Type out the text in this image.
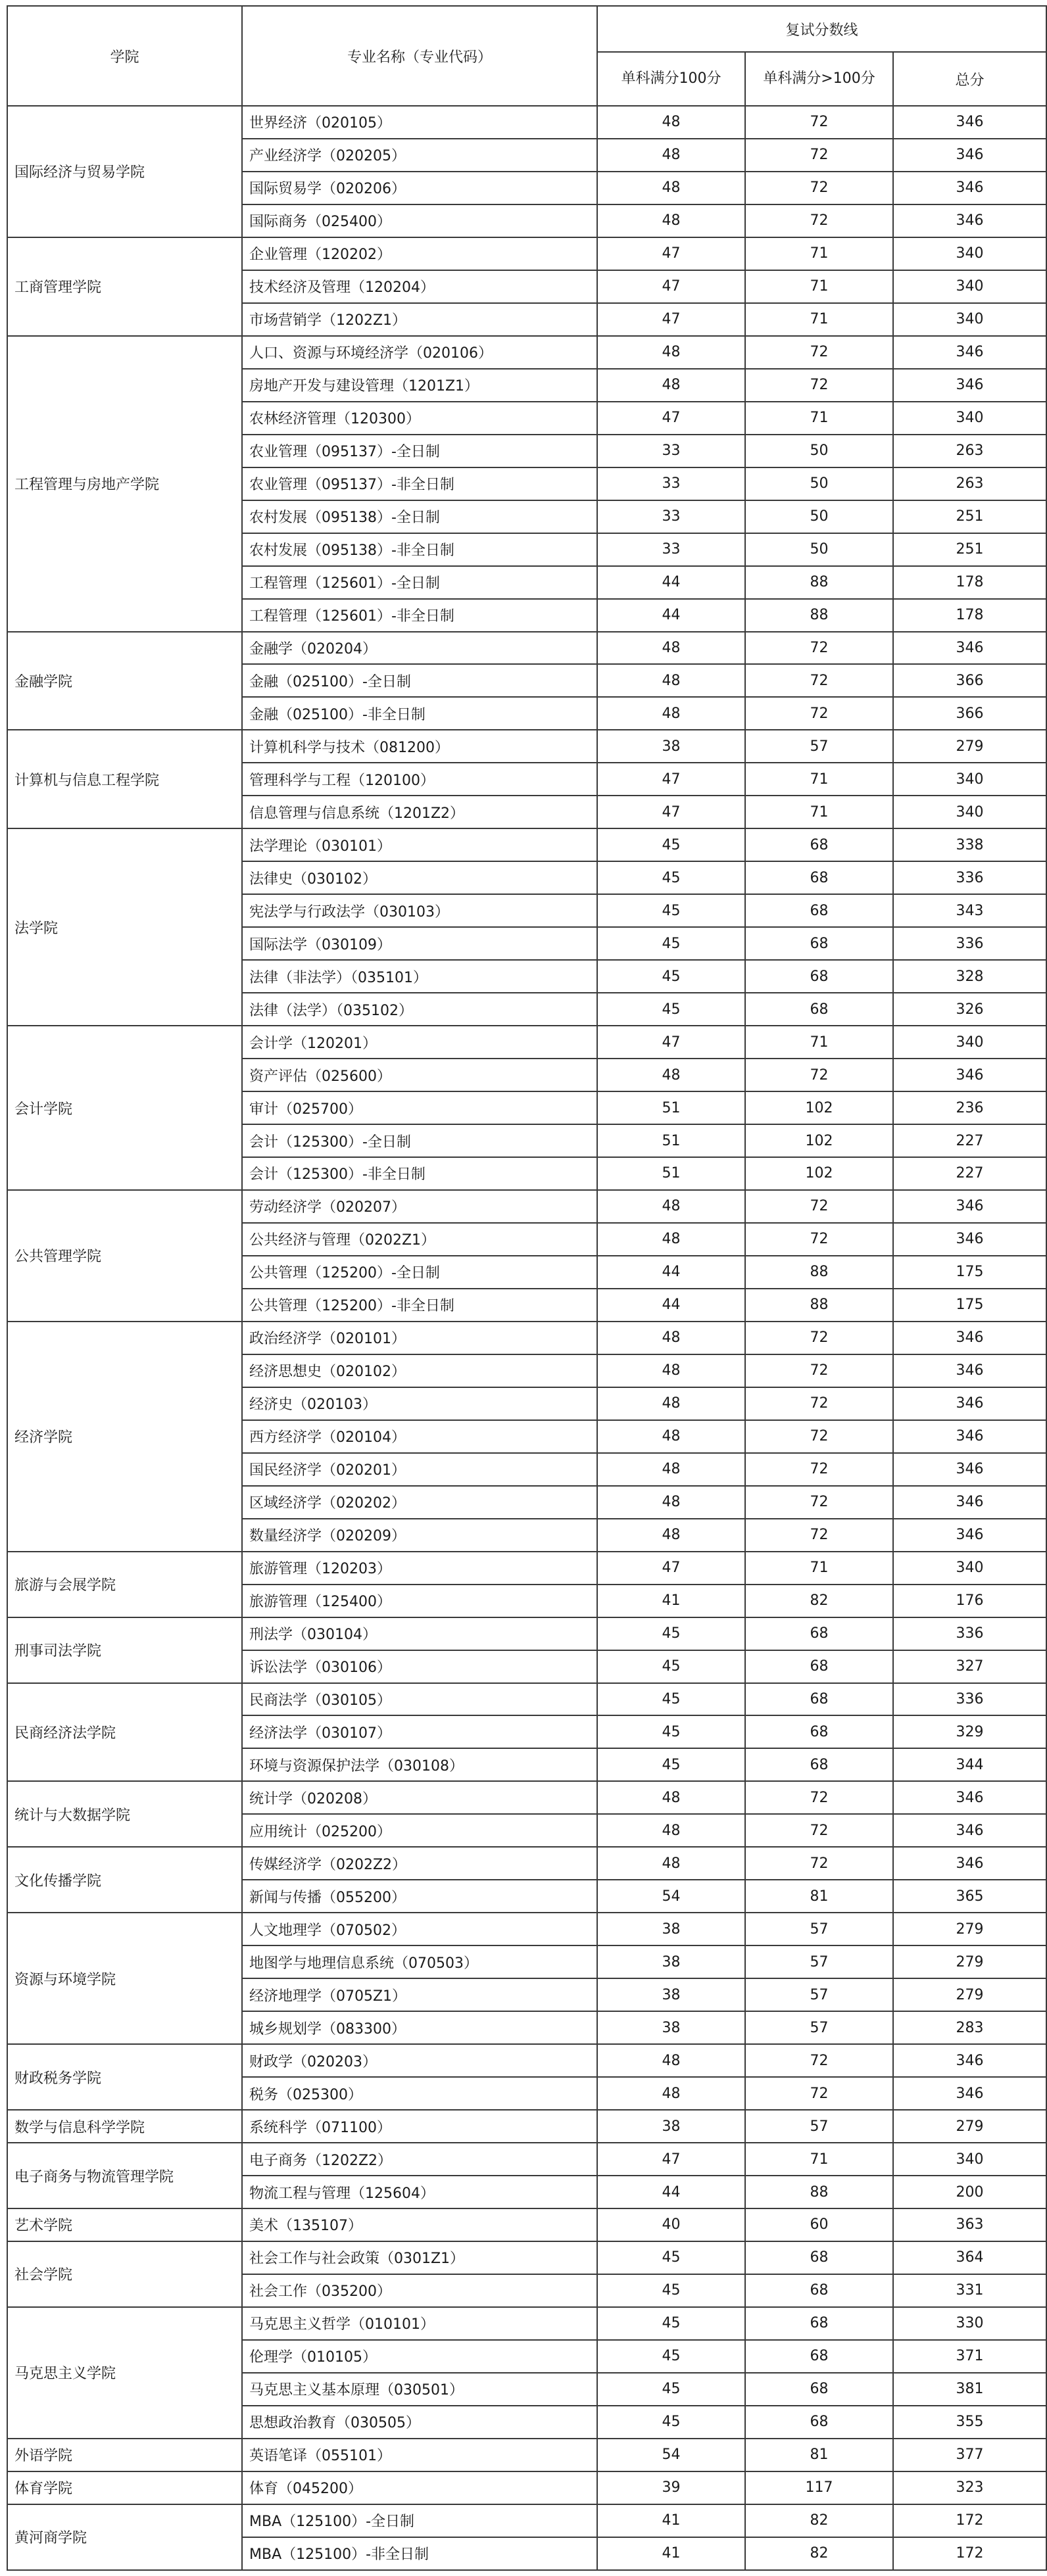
学院	专业名称（专业代码）	复试分数线		
		单科满分100分	单科满分>100分	总分
国际经济与贸易学院	世界经济（020105）	48	72	346
	产业经济学（020205）	48	72	346
	国际贸易学（020206）	48	72	346
	国际商务（025400）	48	72	346
工商管理学院	企业管理（120202）	47	71	340
	技术经济及管理（120204）	47	71	340
	市场营销学（1202Z1）	47	71	340
工程管理与房地产学院	人口、资源与环境经济学（020106）	48	72	346
	房地产开发与建设管理（1201Z1）	48	72	346
	农林经济管理（120300）	47	71	340
	农业管理（095137）-全日制	33	50	263
	农业管理（095137）-非全日制	33	50	263
	农村发展（095138）-全日制	33	50	251
	农村发展（095138）-非全日制	33	50	251
	工程管理（125601）-全日制	44	88	178
	工程管理（125601）-非全日制	44	88	178
金融学院	金融学（020204）	48	72	346
	金融（025100）-全日制	48	72	366
	金融（025100）-非全日制	48	72	366
计算机与信息工程学院	计算机科学与技术（081200）	38	57	279
	管理科学与工程（120100）	47	71	340
	信息管理与信息系统（1201Z2）	47	71	340
法学院	法学理论（030101）	45	68	338
	法律史（030102）	45	68	336
	宪法学与行政法学（030103）	45	68	343
	国际法学（030109）	45	68	336
	法律（非法学）（035101）	45	68	328
	法律（法学）（035102）	45	68	326
会计学院	会计学（120201）	47	71	340
	资产评估（025600）	48	72	346
	审计（025700）	51	102	236
	会计（125300）-全日制	51	102	227
	会计（125300）-非全日制	51	102	227
公共管理学院	劳动经济学（020207）	48	72	346
	公共经济与管理（0202Z1）	48	72	346
	公共管理（125200）-全日制	44	88	175
	公共管理（125200）-非全日制	44	88	175
经济学院	政治经济学（020101）	48	72	346
	经济思想史（020102）	48	72	346
	经济史（020103）	48	72	346
	西方经济学（020104）	48	72	346
	国民经济学（020201）	48	72	346
	区域经济学（020202）	48	72	346
	数量经济学（020209）	48	72	346
旅游与会展学院	旅游管理（120203）	47	71	340
	旅游管理（125400）	41	82	176
刑事司法学院	刑法学（030104）	45	68	336
	诉讼法学（030106）	45	68	327
民商经济法学院	民商法学（030105）	45	68	336
	经济法学（030107）	45	68	329
	环境与资源保护法学（030108）	45	68	344
统计与大数据学院	统计学（020208）	48	72	346
	应用统计（025200）	48	72	346
文化传播学院	传媒经济学（0202Z2）	48	72	346
	新闻与传播（055200）	54	81	365
资源与环境学院	人文地理学（070502）	38	57	279
	地图学与地理信息系统（070503）	38	57	279
	经济地理学（0705Z1）	38	57	279
	城乡规划学（083300）	38	57	283
财政税务学院	财政学（020203）	48	72	346
	税务（025300）	48	72	346
数学与信息科学学院	系统科学（071100）	38	57	279
电子商务与物流管理学院	电子商务（1202Z2）	47	71	340
	物流工程与管理（125604）	44	88	200
艺术学院	美术（135107）	40	60	363
社会学院	社会工作与社会政策（0301Z1）	45	68	364
	社会工作（035200）	45	68	331
马克思主义学院	马克思主义哲学（010101）	45	68	330
	伦理学（010105）	45	68	371
	马克思主义基本原理（030501）	45	68	381
	思想政治教育（030505）	45	68	355
外语学院	英语笔译（055101）	54	81	377
体育学院	体育（045200）	39	117	323
黄河商学院	MBA（125100）-全日制	41	82	172
	MBA（125100）-非全日制	41	82	172
